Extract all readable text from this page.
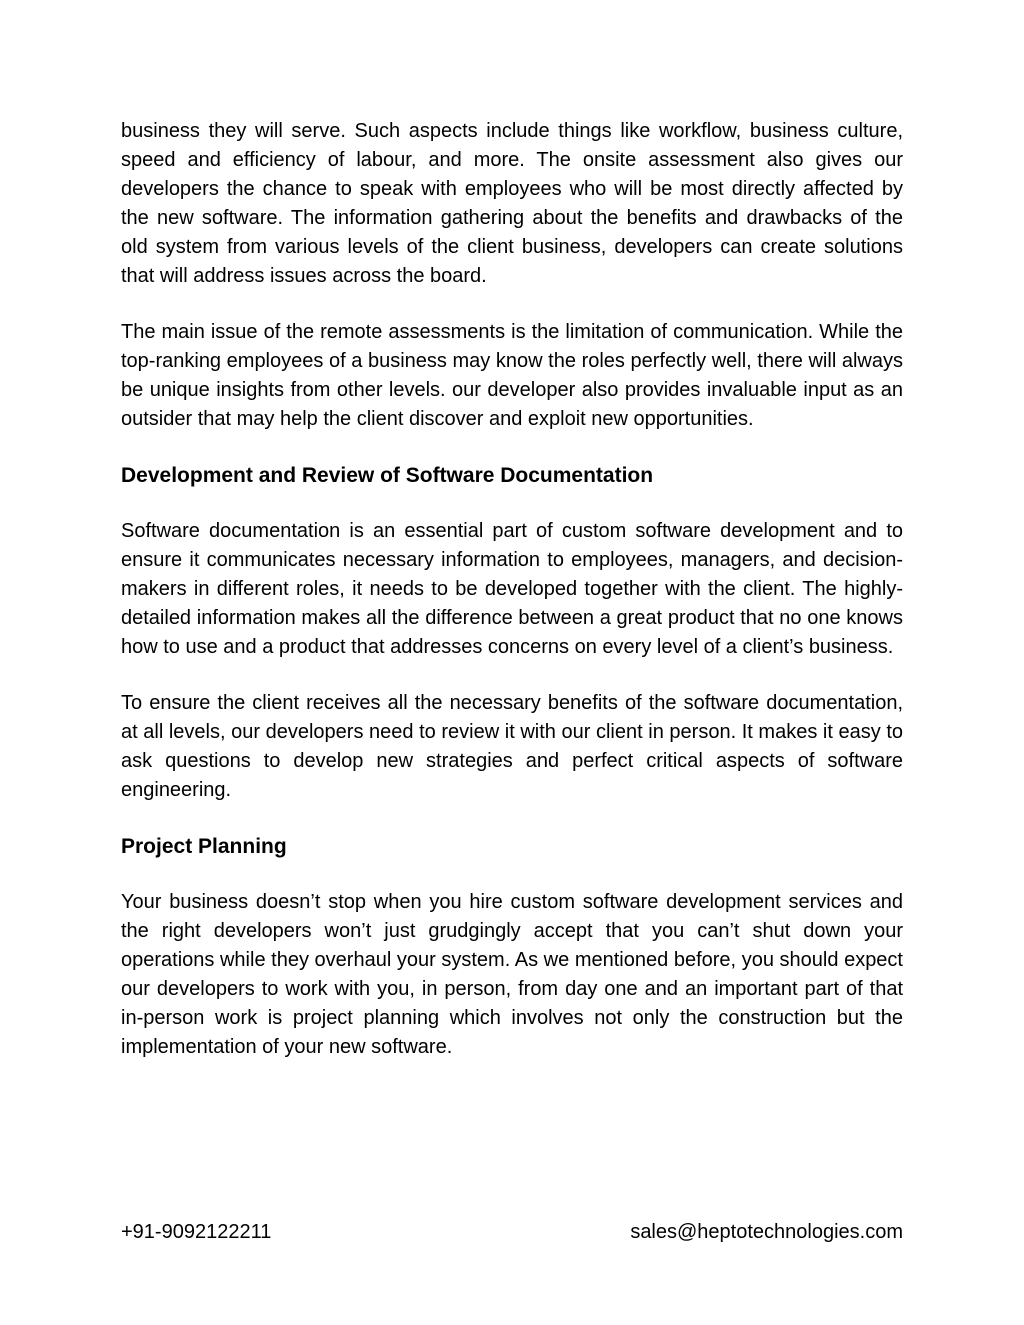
business they will serve. Such aspects include things like workflow, business culture, speed and efficiency of labour, and more. The onsite assessment also gives our developers the chance to speak with employees who will be most directly affected by the new software. The information gathering about the benefits and drawbacks of the old system from various levels of the client business, developers can create solutions that will address issues across the board.

The main issue of the remote assessments is the limitation of communication. While the top-ranking employees of a business may know the roles perfectly well, there will always be unique insights from other levels. our developer also provides invaluable input as an outsider that may help the client discover and exploit new opportunities.

Development and Review of Software Documentation

Software documentation is an essential part of custom software development and to ensure it communicates necessary information to employees, managers, and decision-makers in different roles, it needs to be developed together with the client. The highly-detailed information makes all the difference between a great product that no one knows how to use and a product that addresses concerns on every level of a client’s business.

To ensure the client receives all the necessary benefits of the software documentation, at all levels, our developers need to review it with our client in person. It makes it easy to ask questions to develop new strategies and perfect critical aspects of software engineering.

Project Planning

Your business doesn’t stop when you hire custom software development services and the right developers won’t just grudgingly accept that you can’t shut down your operations while they overhaul your system. As we mentioned before, you should expect our developers to work with you, in person, from day one and an important part of that in-person work is project planning which involves not only the construction but the implementation of your new software.

+91-9092122211	sales@heptotechnologies.com
